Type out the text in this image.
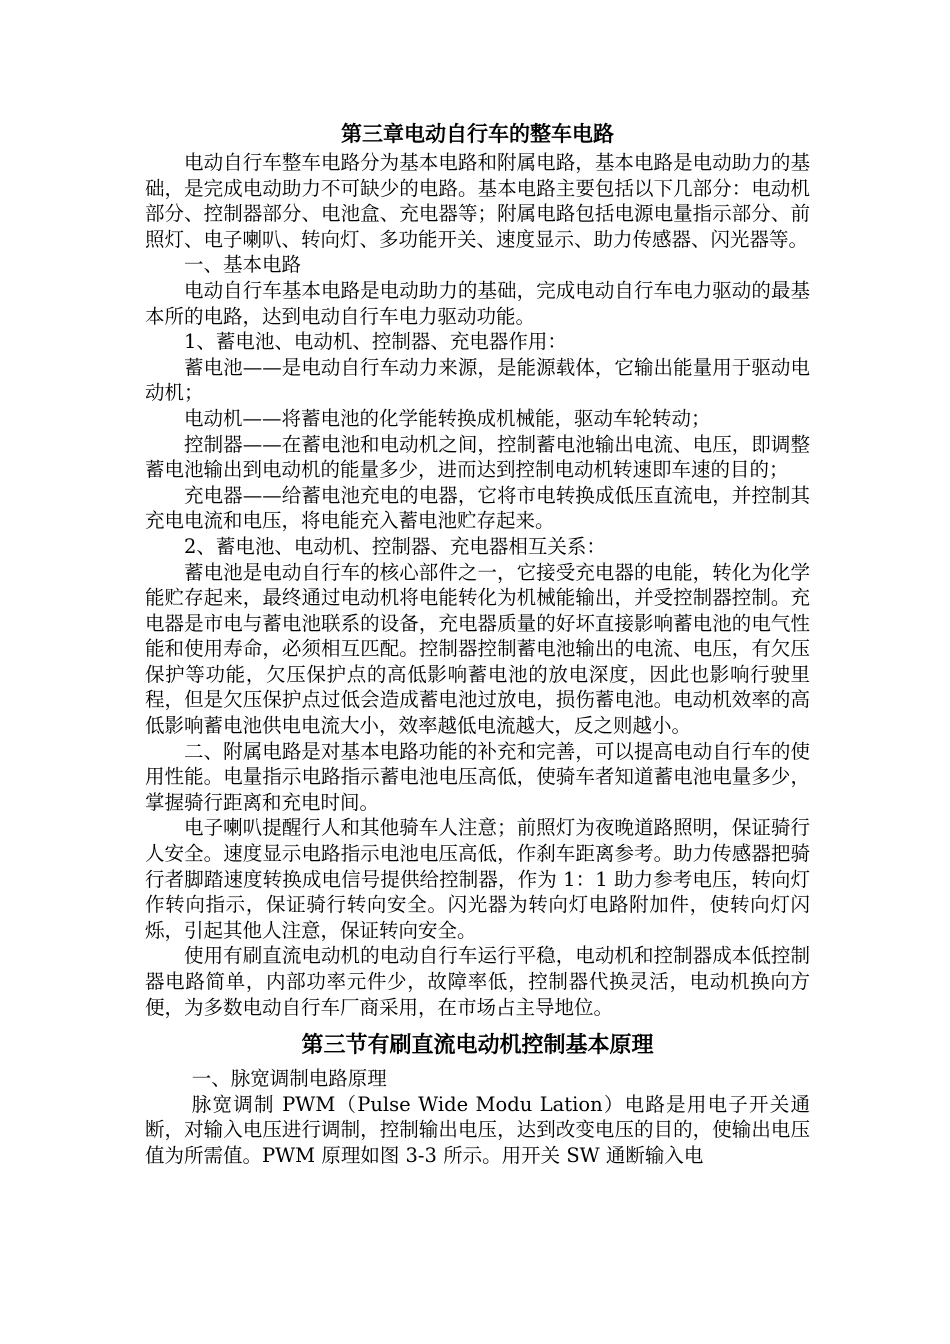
第三章电动自行车的整车电路

电动自行车整车电路分为基本电路和附属电路，基本电路是电动助力的基础，是完成电动助力不可缺少的电路。基本电路主要包括以下几部分：电动机部分、控制器部分、电池盒、充电器等；附属电路包括电源电量指示部分、前照灯、电子喇叭、转向灯、多功能开关、速度显示、助力传感器、闪光器等。

一、基本电路

电动自行车基本电路是电动助力的基础，完成电动自行车电力驱动的最基本所的电路，达到电动自行车电力驱动功能。

1、蓄电池、电动机、控制器、充电器作用：

蓄电池——是电动自行车动力来源，是能源载体，它输出能量用于驱动电动机；

电动机——将蓄电池的化学能转换成机械能，驱动车轮转动；

控制器——在蓄电池和电动机之间，控制蓄电池输出电流、电压，即调整蓄电池输出到电动机的能量多少，进而达到控制电动机转速即车速的目的；

充电器——给蓄电池充电的电器，它将市电转换成低压直流电，并控制其充电电流和电压，将电能充入蓄电池贮存起来。

2、蓄电池、电动机、控制器、充电器相互关系：

蓄电池是电动自行车的核心部件之一，它接受充电器的电能，转化为化学能贮存起来，最终通过电动机将电能转化为机械能输出，并受控制器控制。充电器是市电与蓄电池联系的设备，充电器质量的好坏直接影响蓄电池的电气性能和使用寿命，必须相互匹配。控制器控制蓄电池输出的电流、电压，有欠压保护等功能，欠压保护点的高低影响蓄电池的放电深度，因此也影响行驶里程，但是欠压保护点过低会造成蓄电池过放电，损伤蓄电池。电动机效率的高低影响蓄电池供电电流大小，效率越低电流越大，反之则越小。

二、附属电路是对基本电路功能的补充和完善，可以提高电动自行车的使用性能。电量指示电路指示蓄电池电压高低，使骑车者知道蓄电池电量多少，掌握骑行距离和充电时间。

电子喇叭提醒行人和其他骑车人注意；前照灯为夜晚道路照明，保证骑行人安全。速度显示电路指示电池电压高低，作刹车距离参考。助力传感器把骑行者脚踏速度转换成电信号提供给控制器，作为 1：1 助力参考电压，转向灯作转向指示，保证骑行转向安全。闪光器为转向灯电路附加件，使转向灯闪烁，引起其他人注意，保证转向安全。

使用有刷直流电动机的电动自行车运行平稳，电动机和控制器成本低控制器电路简单，内部功率元件少，故障率低，控制器代换灵活，电动机换向方便，为多数电动自行车厂商采用，在市场占主导地位。

第三节有刷直流电动机控制基本原理

一、脉宽调制电路原理

脉宽调制 PWM（Pulse Wide Modu Lation）电路是用电子开关通断，对输入电压进行调制，控制输出电压，达到改变电压的目的，使输出电压值为所需值。PWM 原理如图 3-3 所示。用开关 SW 通断输入电
